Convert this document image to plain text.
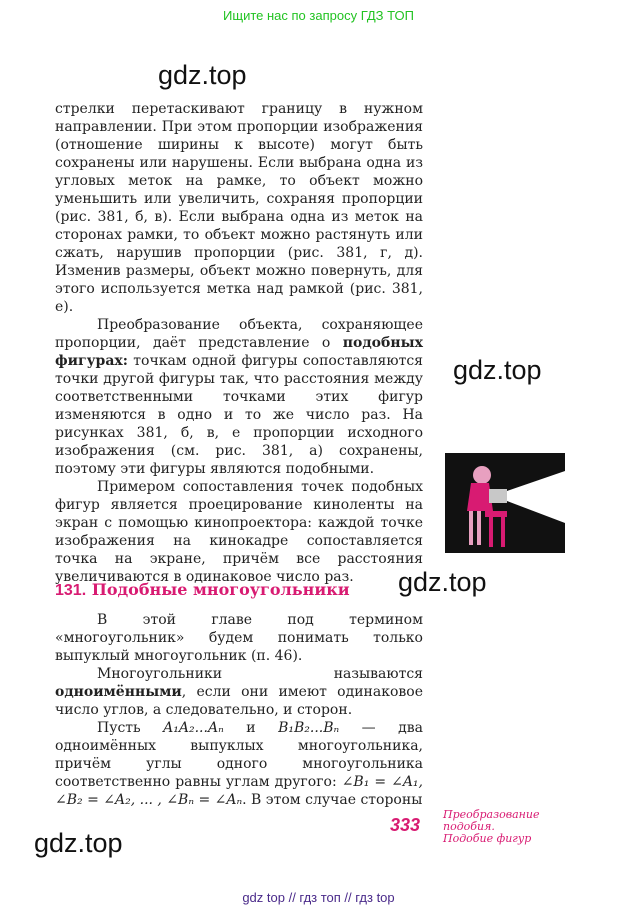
Ищите нас по запросу ГДЗ ТОП
gdz.top
gdz.top
gdz.top
gdz.top

стрелки перетаскивают границу в нужном направлении. При этом пропорции изображения (отношение ширины к высоте) могут быть сохранены или нарушены. Если выбрана одна из угловых меток на рамке, то объект можно уменьшить или увеличить, сохраняя пропорции (рис. 381, б, в). Если выбрана одна из меток на сторонах рамки, то объект можно растянуть или сжать, нарушив пропорции (рис. 381, г, д). Изменив размеры, объект можно повернуть, для этого используется метка над рамкой (рис. 381, е).

Преобразование объекта, сохраняющее пропорции, даёт представление о подобных фигурах: точкам одной фигуры сопоставляются точки другой фигуры так, что расстояния между соответственными точками этих фигур изменяются в одно и то же число раз. На рисунках 381, б, в, е пропорции исходного изображения (см. рис. 381, а) сохранены, поэтому эти фигуры являются подобными.

Примером сопоставления точек подобных фигур является проецирование киноленты на экран с помощью кинопроектора: каждой точке изображения на кинокадре сопоставляется точка на экране, причём все расстояния увеличиваются в одинаковое число раз.

131. Подобные многоугольники

В этой главе под термином «многоугольник» будем понимать только выпуклый многоугольник (п. 46).

Многоугольники называются одноимёнными, если они имеют одинаковое число углов, а следовательно, и сторон.

Пусть A₁A₂...Aₙ и B₁B₂...Bₙ — два одноимённых выпуклых многоугольника, причём углы одного многоугольника соответственно равны углам другого: ∠B₁ = ∠A₁, ∠B₂ = ∠A₂, ... , ∠Bₙ = ∠Aₙ. В этом случае стороны

333
Преобразование
подобия.
Подобие фигур
gdz top // гдз топ // гдз top
